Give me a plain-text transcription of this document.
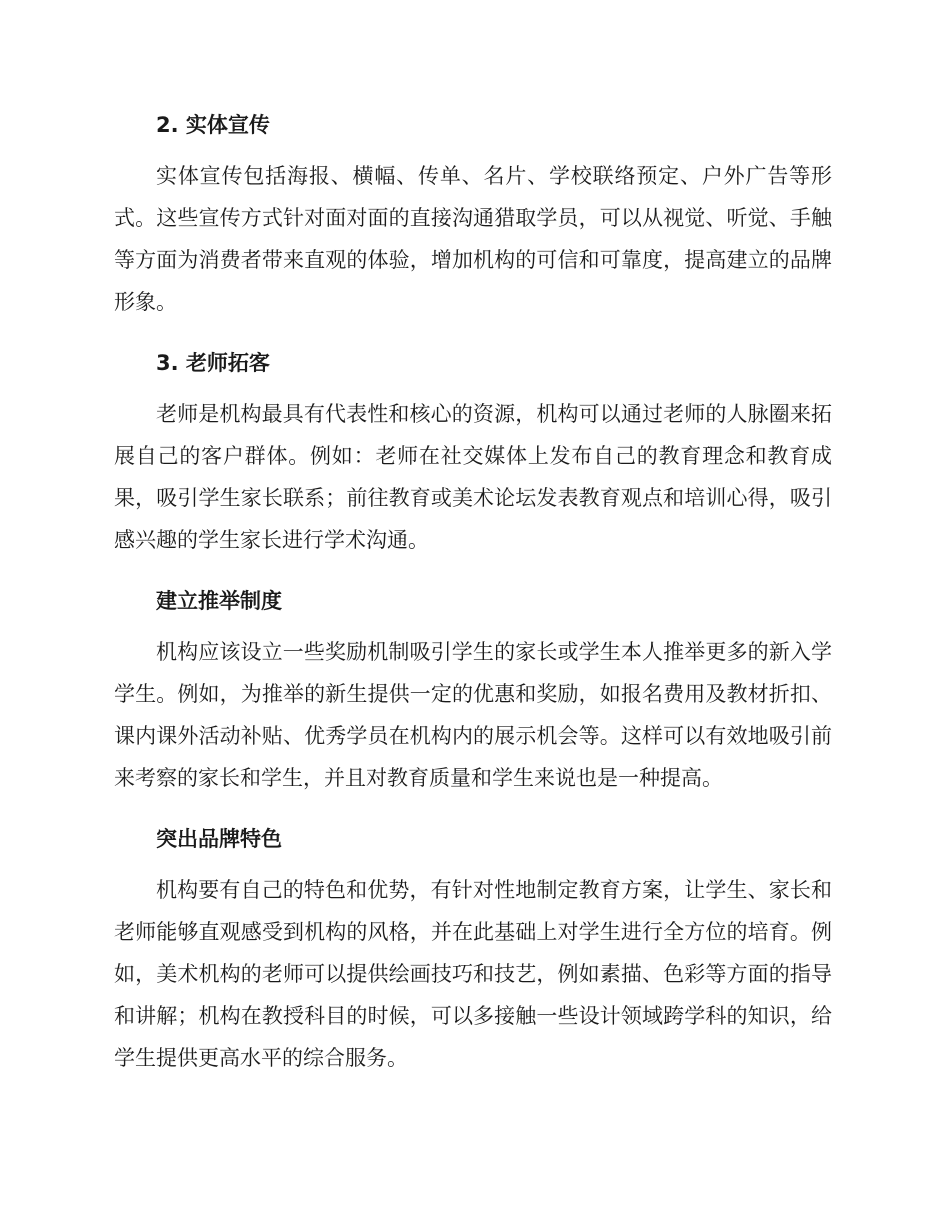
2. 实体宣传

实体宣传包括海报、横幅、传单、名片、学校联络预定、户外广告等形式。这些宣传方式针对面对面的直接沟通猎取学员，可以从视觉、听觉、手触等方面为消费者带来直观的体验，增加机构的可信和可靠度，提高建立的品牌形象。

3. 老师拓客

老师是机构最具有代表性和核心的资源，机构可以通过老师的人脉圈来拓展自己的客户群体。例如：老师在社交媒体上发布自己的教育理念和教育成果，吸引学生家长联系；前往教育或美术论坛发表教育观点和培训心得，吸引感兴趣的学生家长进行学术沟通。

建立推举制度

机构应该设立一些奖励机制吸引学生的家长或学生本人推举更多的新入学学生。例如，为推举的新生提供一定的优惠和奖励，如报名费用及教材折扣、课内课外活动补贴、优秀学员在机构内的展示机会等。这样可以有效地吸引前来考察的家长和学生，并且对教育质量和学生来说也是一种提高。

突出品牌特色

机构要有自己的特色和优势，有针对性地制定教育方案，让学生、家长和老师能够直观感受到机构的风格，并在此基础上对学生进行全方位的培育。例如，美术机构的老师可以提供绘画技巧和技艺，例如素描、色彩等方面的指导和讲解；机构在教授科目的时候，可以多接触一些设计领域跨学科的知识，给学生提供更高水平的综合服务。
